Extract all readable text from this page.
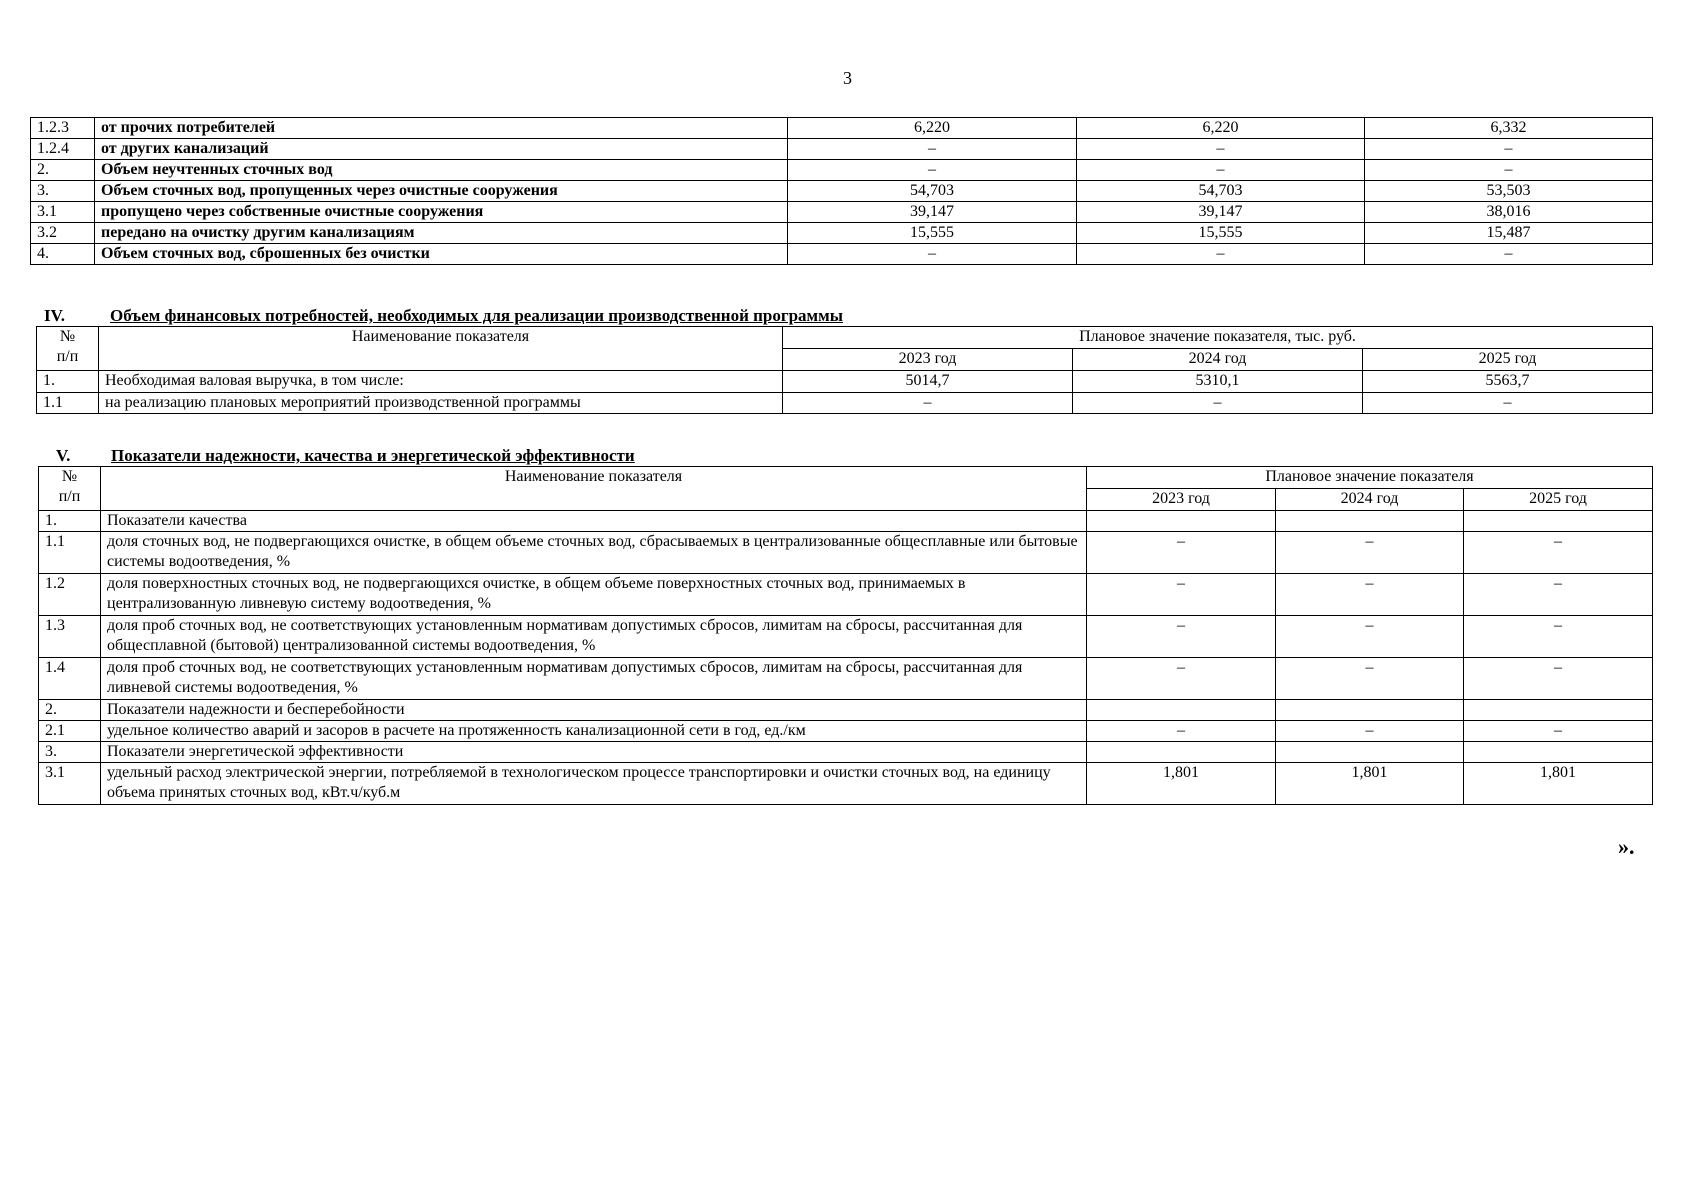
3
1.2.3	от прочих потребителей	6,220	6,220	6,332
1.2.4	от других канализаций	–	–	–
2.	Объем неучтенных сточных вод	–	–	–
3.	Объем сточных вод, пропущенных через очистные сооружения	54,703	54,703	53,503
3.1	пропущено через собственные очистные сооружения	39,147	39,147	38,016
3.2	передано на очистку другим канализациям	15,555	15,555	15,487
4.	Объем сточных вод, сброшенных без очистки	–	–	–
IV.	Объем финансовых потребностей, необходимых для реализации производственной программы
№
п/п	Наименование показателя	Плановое значение показателя, тыс. руб.		
		2023 год	2024 год	2025 год
1.	Необходимая валовая выручка, в том числе:	5014,7	5310,1	5563,7
1.1	на реализацию плановых мероприятий производственной программы	–	–	–
V. Показатели надежности, качества и энергетической эффективности
№
п/п	Наименование показателя	Плановое значение показателя		
		2023 год	2024 год	2025 год
1.	Показатели качества			
1.1	доля сточных вод, не подвергающихся очистке, в общем объеме сточных вод, сбрасываемых в централизованные общесплавные или бытовые системы водоотведения, %	–	–	–
1.2	доля поверхностных сточных вод, не подвергающихся очистке, в общем объеме поверхностных сточных вод, принимаемых в централизованную ливневую систему водоотведения, %	–	–	–
1.3	доля проб сточных вод, не соответствующих установленным нормативам допустимых сбросов, лимитам на сбросы, рассчитанная для общесплавной (бытовой) централизованной системы водоотведения, %	–	–	–
1.4	доля проб сточных вод, не соответствующих установленным нормативам допустимых сбросов, лимитам на сбросы, рассчитанная для ливневой системы водоотведения, %	–	–	–
2.	Показатели надежности и бесперебойности			
2.1	удельное количество аварий и засоров в расчете на протяженность канализационной сети в год, ед./км	–	–	–
3.	Показатели энергетической эффективности			
3.1	удельный расход электрической энергии, потребляемой в технологическом процессе транспортировки и очистки сточных вод, на единицу объема принятых сточных вод, кВт.ч/куб.м	1,801	1,801	1,801
».
